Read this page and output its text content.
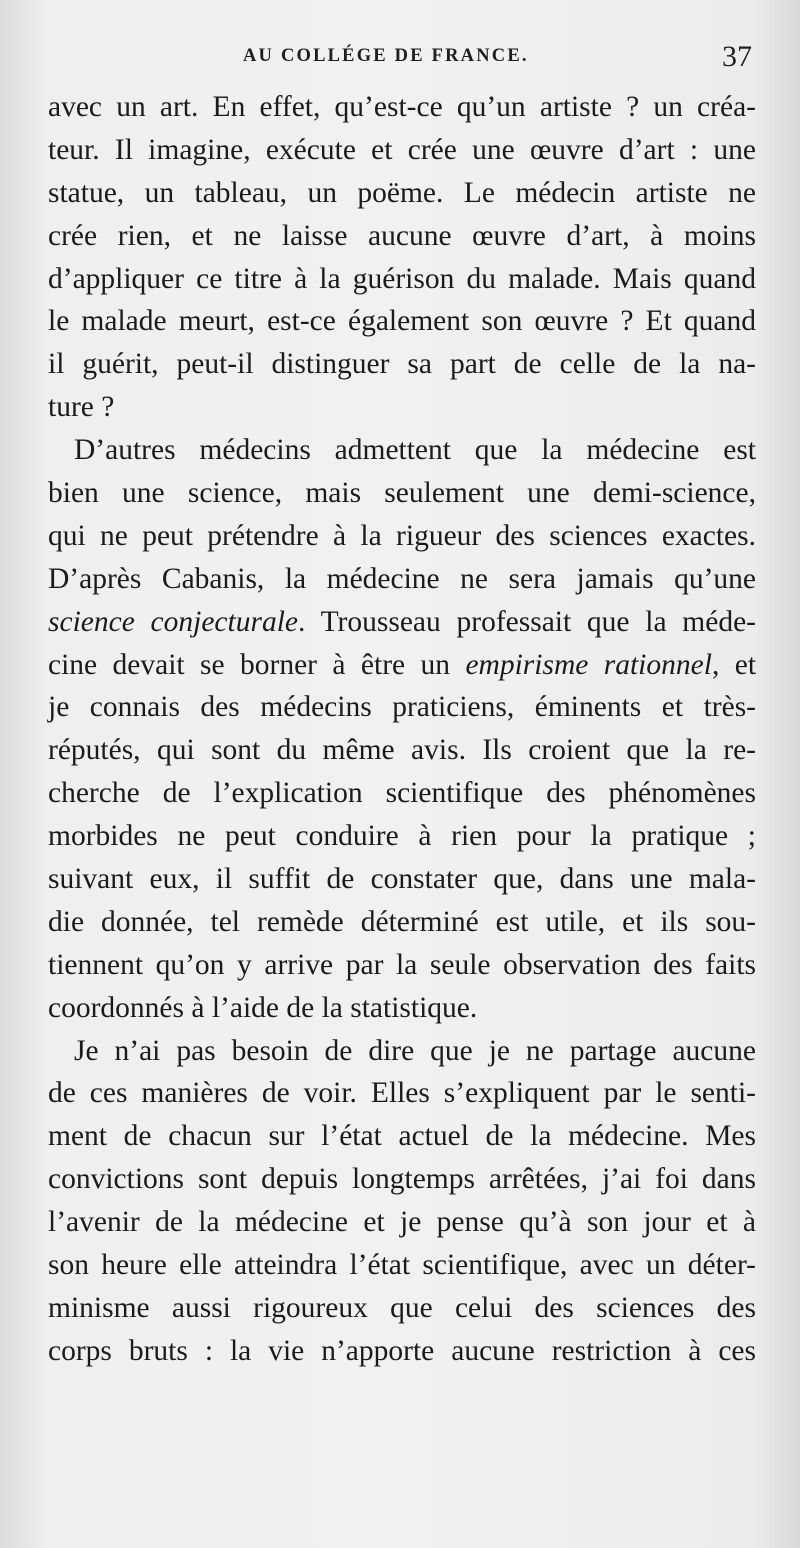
AU COLLÉGE DE FRANCE.	37
avec un art. En effet, qu’est-ce qu’un artiste ? un créa-
teur. Il imagine, exécute et crée une œuvre d’art : une
statue, un tableau, un poëme. Le médecin artiste ne
crée rien, et ne laisse aucune œuvre d’art, à moins
d’appliquer ce titre à la guérison du malade. Mais quand
le malade meurt, est-ce également son œuvre ? Et quand
il guérit, peut-il distinguer sa part de celle de la na-
ture ?
D’autres médecins admettent que la médecine est
bien une science, mais seulement une demi-science,
qui ne peut prétendre à la rigueur des sciences exactes.
D’après Cabanis, la médecine ne sera jamais qu’une
science conjecturale. Trousseau professait que la méde-
cine devait se borner à être un empirisme rationnel, et
je connais des médecins praticiens, éminents et très-
réputés, qui sont du même avis. Ils croient que la re-
cherche de l’explication scientifique des phénomènes
morbides ne peut conduire à rien pour la pratique ;
suivant eux, il suffit de constater que, dans une mala-
die donnée, tel remède déterminé est utile, et ils sou-
tiennent qu’on y arrive par la seule observation des faits
coordonnés à l’aide de la statistique.
Je n’ai pas besoin de dire que je ne partage aucune
de ces manières de voir. Elles s’expliquent par le senti-
ment de chacun sur l’état actuel de la médecine. Mes
convictions sont depuis longtemps arrêtées, j’ai foi dans
l’avenir de la médecine et je pense qu’à son jour et à
son heure elle atteindra l’état scientifique, avec un déter-
minisme aussi rigoureux que celui des sciences des
corps bruts : la vie n’apporte aucune restriction à ces
